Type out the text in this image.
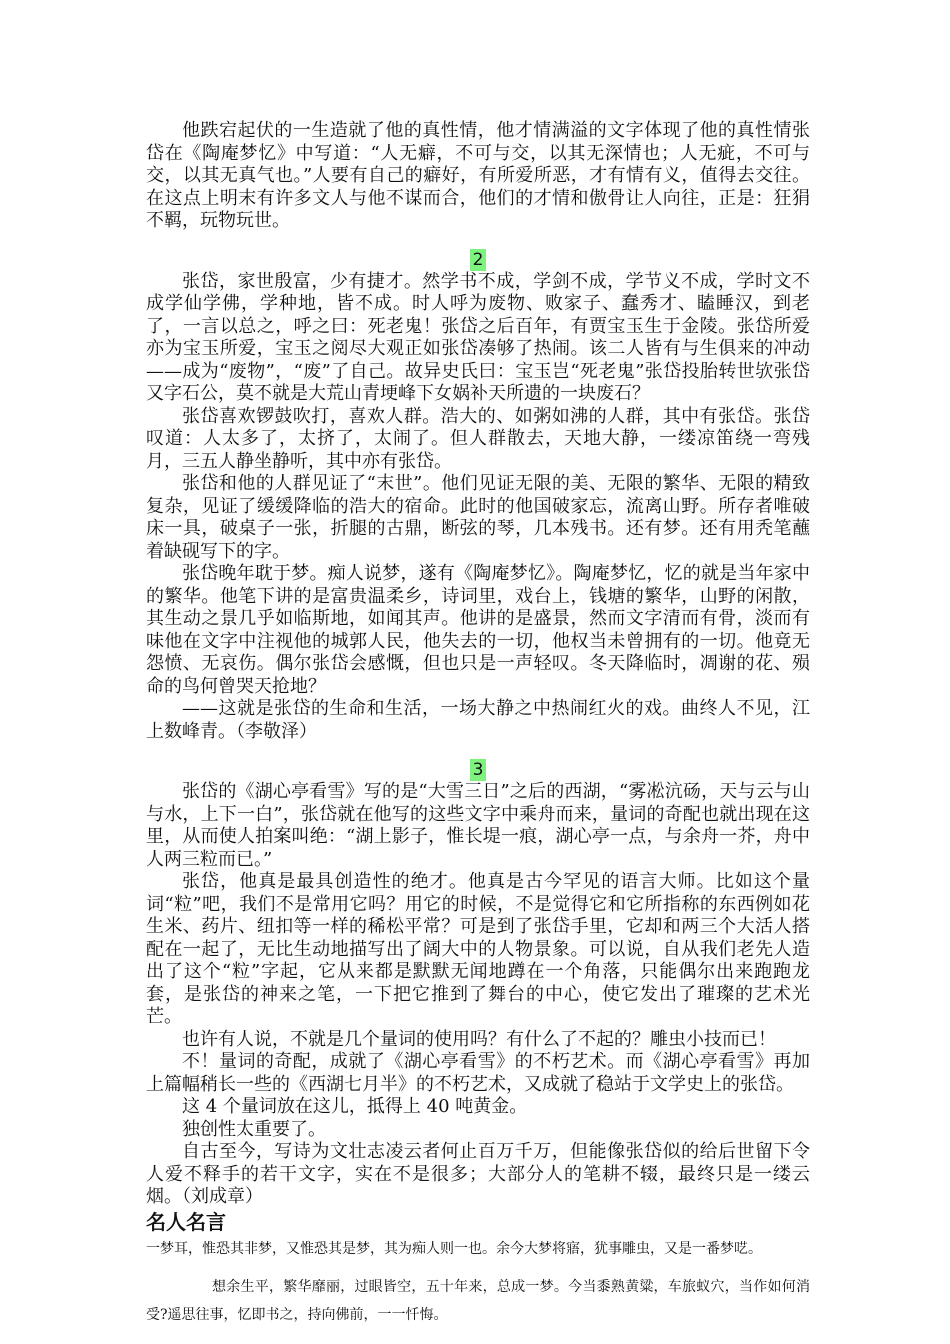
他跌宕起伏的一生造就了他的真性情，他才情满溢的文字体现了他的真性情张岱在《陶庵梦忆》中写道：“人无癖，不可与交，以其无深情也；人无疵，不可与交，以其无真气也。”人要有自己的癖好，有所爱所恶，才有情有义，值得去交往。在这点上明末有许多文人与他不谋而合，他们的才情和傲骨让人向往，正是：狂狷不羁，玩物玩世。

2

张岱，家世殷富，少有捷才。然学书不成，学剑不成，学节义不成，学时文不成学仙学佛，学种地，皆不成。时人呼为废物、败家子、蠢秀才、瞌睡汉，到老了，一言以总之，呼之曰：死老鬼！张岱之后百年，有贾宝玉生于金陵。张岱所爱亦为宝玉所爱，宝玉之阅尽大观正如张岱凑够了热闹。该二人皆有与生俱来的冲动——成为“废物”，“废”了自己。故异史氏曰：宝玉岂“死老鬼”张岱投胎转世欤张岱又字石公，莫不就是大荒山青埂峰下女娲补天所遗的一块废石？

张岱喜欢锣鼓吹打，喜欢人群。浩大的、如粥如沸的人群，其中有张岱。张岱叹道：人太多了，太挤了，太闹了。但人群散去，天地大静，一缕凉笛绕一弯残月，三五人静坐静听，其中亦有张岱。

张岱和他的人群见证了“末世”。他们见证无限的美、无限的繁华、无限的精致复杂，见证了缓缓降临的浩大的宿命。此时的他国破家忘，流离山野。所存者唯破床一具，破桌子一张，折腿的古鼎，断弦的琴，几本残书。还有梦。还有用秃笔蘸着缺砚写下的字。

张岱晚年耽于梦。痴人说梦，遂有《陶庵梦忆》。陶庵梦忆，忆的就是当年家中的繁华。他笔下讲的是富贵温柔乡，诗词里，戏台上，钱塘的繁华，山野的闲散，其生动之景几乎如临斯地，如闻其声。他讲的是盛景，然而文字清而有骨，淡而有味他在文字中注视他的城郭人民，他失去的一切，他权当未曾拥有的一切。他竟无怨愤、无哀伤。偶尔张岱会感慨，但也只是一声轻叹。冬天降临时，凋谢的花、殒命的鸟何曾哭天抢地？

——这就是张岱的生命和生活，一场大静之中热闹红火的戏。曲终人不见，江上数峰青。（李敬泽）

3

张岱的《湖心亭看雪》写的是“大雪三日”之后的西湖，“雾凇沆砀，天与云与山与水，上下一白”，张岱就在他写的这些文字中乘舟而来，量词的奇配也就出现在这里，从而使人拍案叫绝：“湖上影子，惟长堤一痕，湖心亭一点，与余舟一芥，舟中人两三粒而已。”

张岱，他真是最具创造性的绝才。他真是古今罕见的语言大师。比如这个量词“粒”吧，我们不是常用它吗？用它的时候，不是觉得它和它所指称的东西例如花生米、药片、纽扣等一样的稀松平常？可是到了张岱手里，它却和两三个大活人搭配在一起了，无比生动地描写出了阔大中的人物景象。可以说，自从我们老先人造出了这个“粒”字起，它从来都是默默无闻地蹲在一个角落，只能偶尔出来跑跑龙套，是张岱的神来之笔，一下把它推到了舞台的中心，使它发出了璀璨的艺术光芒。

也许有人说，不就是几个量词的使用吗？有什么了不起的？雕虫小技而已！

不！量词的奇配，成就了《湖心亭看雪》的不朽艺术。而《湖心亭看雪》再加上篇幅稍长一些的《西湖七月半》的不朽艺术，又成就了稳站于文学史上的张岱。

这 4 个量词放在这儿，抵得上 40 吨黄金。

独创性太重要了。

自古至今，写诗为文壮志凌云者何止百万千万，但能像张岱似的给后世留下令人爱不释手的若干文字，实在不是很多；大部分人的笔耕不辍，最终只是一缕云烟。（刘成章）

名人名言

一梦耳，惟恐其非梦，又惟恐其是梦，其为痴人则一也。余今大梦将寤，犹事雕虫，又是一番梦呓。

想余生平，繁华靡丽，过眼皆空，五十年来，总成一梦。今当黍熟黄粱，车旅蚁穴，当作如何消受?遥思往事，忆即书之，持向佛前，一一忏悔。
